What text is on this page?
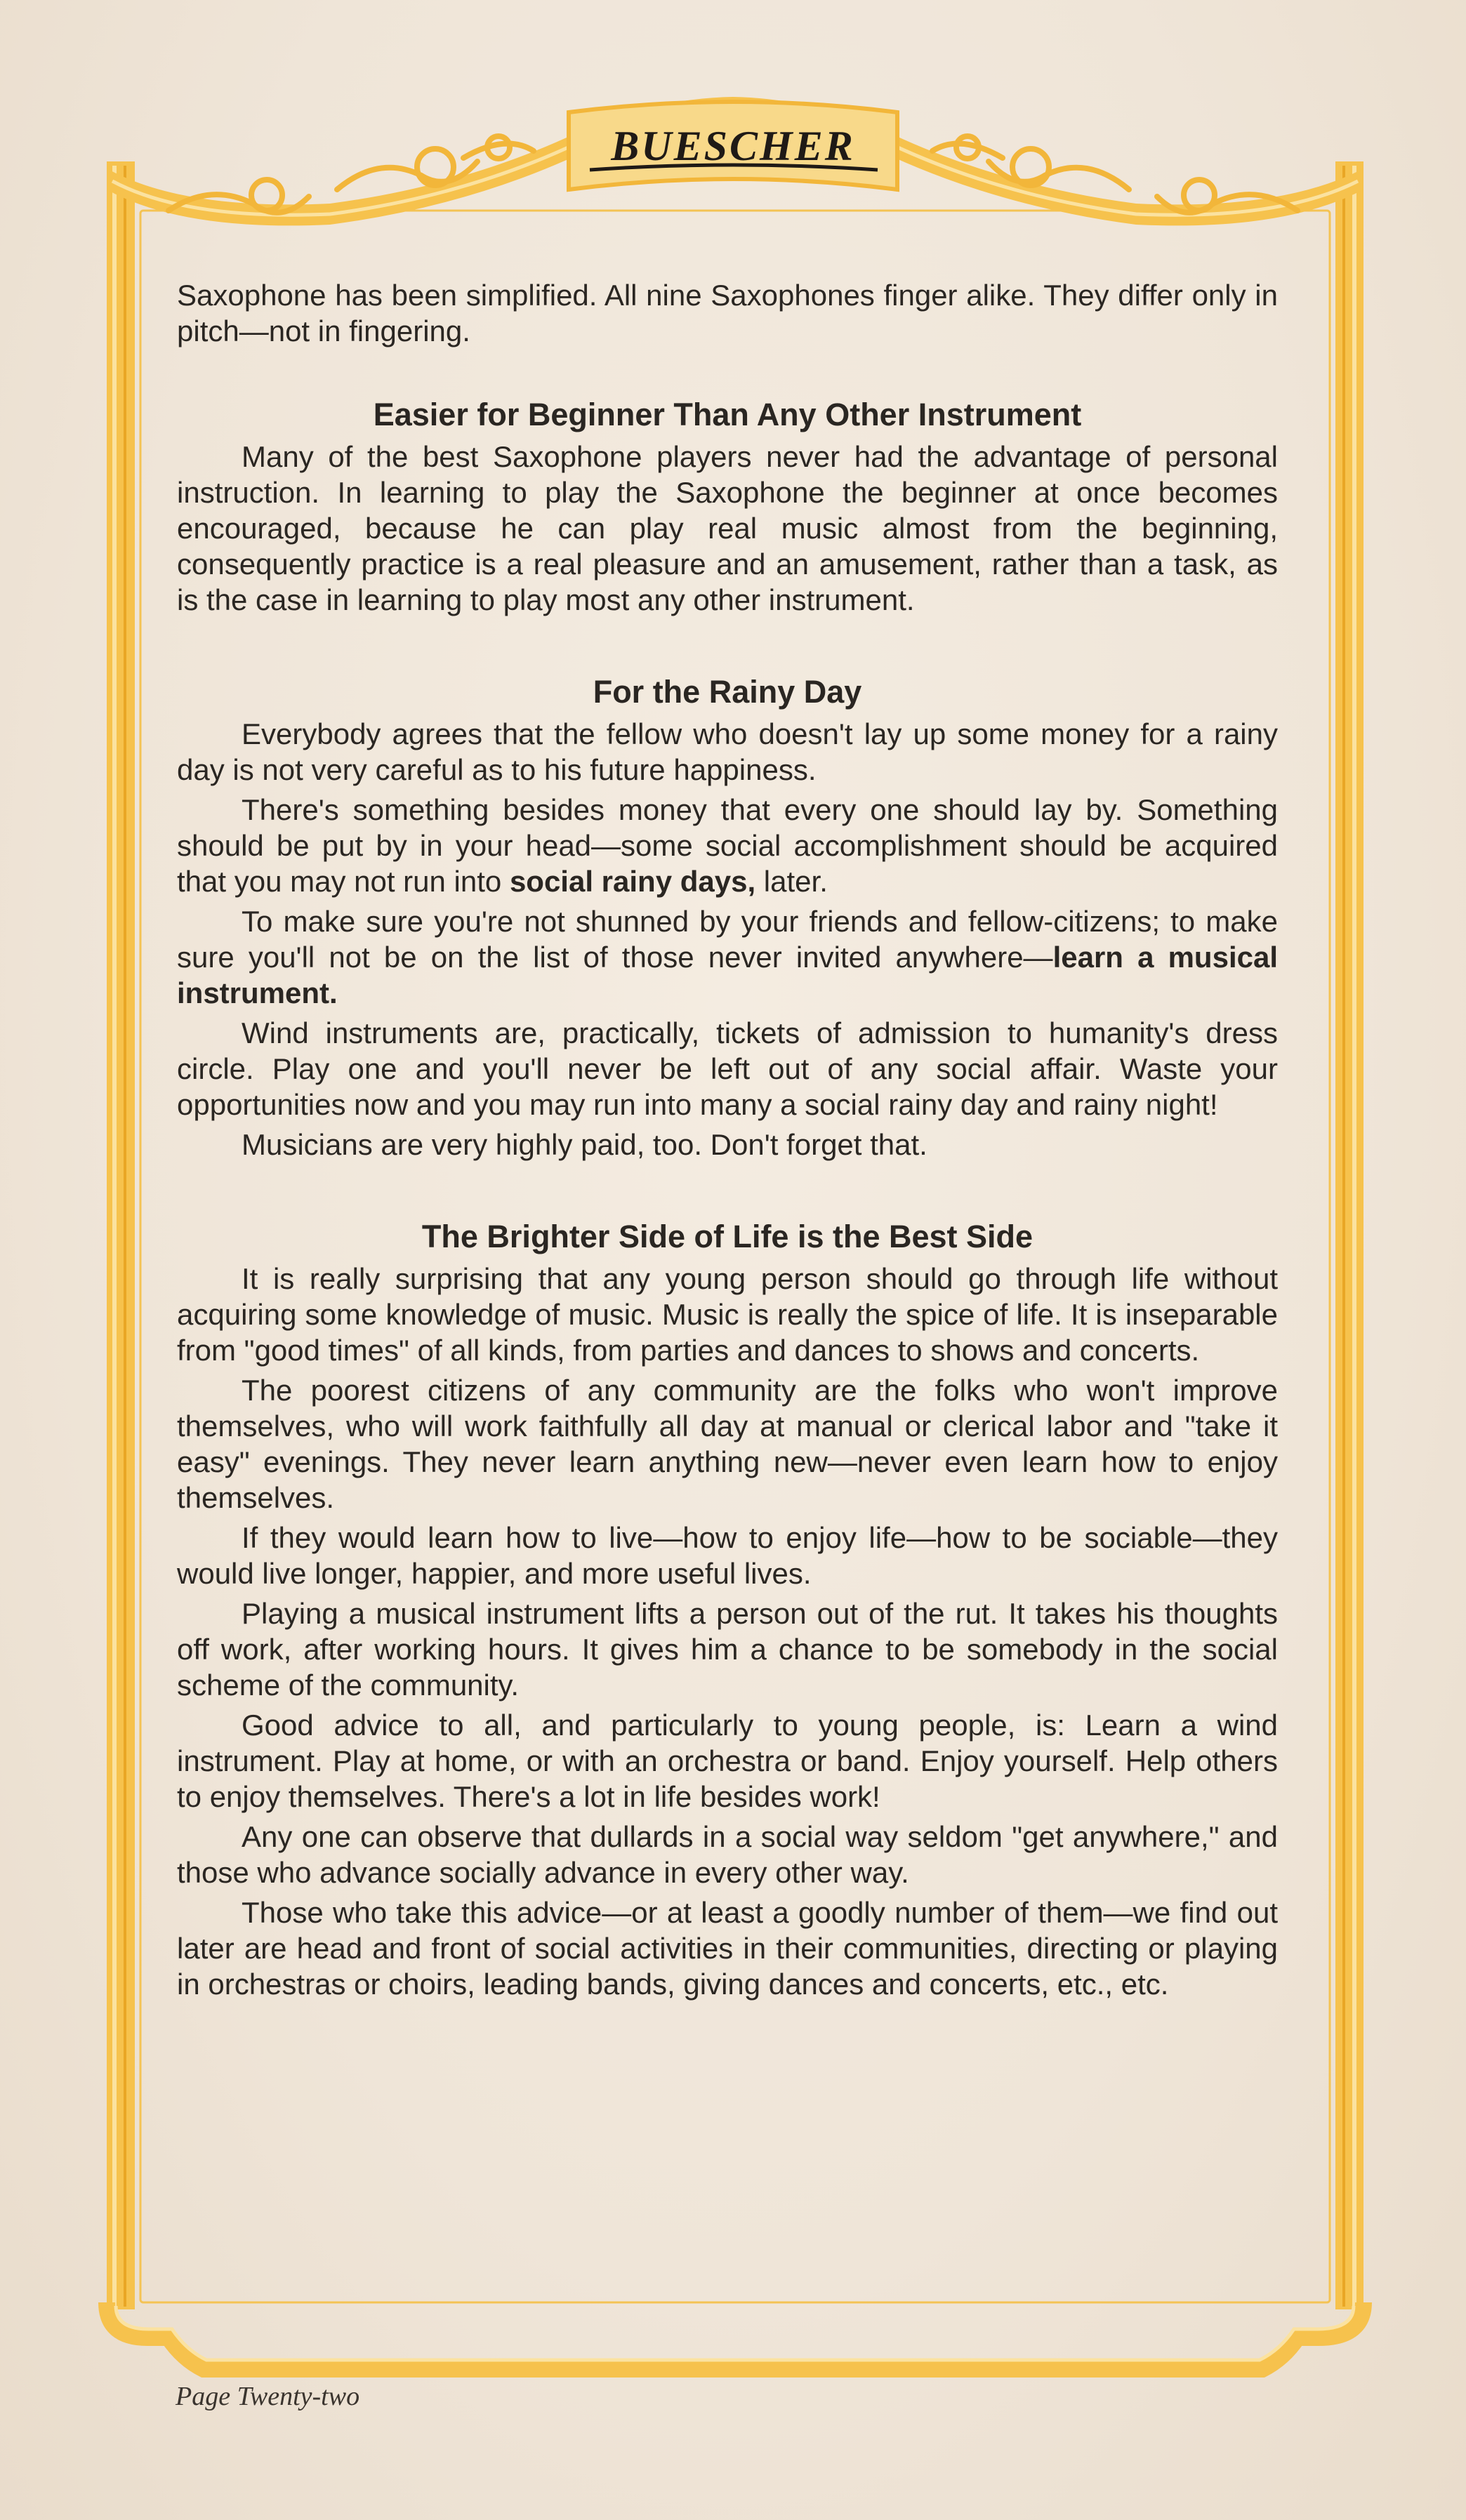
BUESCHER

Saxophone has been simplified. All nine Saxophones finger alike. They differ only in pitch—not in fingering.

Easier for Beginner Than Any Other Instrument

Many of the best Saxophone players never had the advantage of personal instruction. In learning to play the Saxophone the beginner at once becomes encouraged, because he can play real music almost from the beginning, consequently practice is a real pleasure and an amusement, rather than a task, as is the case in learning to play most any other instrument.

For the Rainy Day

Everybody agrees that the fellow who doesn't lay up some money for a rainy day is not very careful as to his future happiness.

There's something besides money that every one should lay by. Something should be put by in your head—some social accomplishment should be acquired that you may not run into social rainy days, later.

To make sure you're not shunned by your friends and fellow-citizens; to make sure you'll not be on the list of those never invited anywhere—learn a musical instrument.

Wind instruments are, practically, tickets of admission to humanity's dress circle. Play one and you'll never be left out of any social affair. Waste your opportunities now and you may run into many a social rainy day and rainy night!

Musicians are very highly paid, too. Don't forget that.

The Brighter Side of Life is the Best Side

It is really surprising that any young person should go through life without acquiring some knowledge of music. Music is really the spice of life. It is inseparable from "good times" of all kinds, from parties and dances to shows and concerts.

The poorest citizens of any community are the folks who won't improve themselves, who will work faithfully all day at manual or clerical labor and "take it easy" evenings. They never learn anything new—never even learn how to enjoy themselves.

If they would learn how to live—how to enjoy life—how to be sociable—they would live longer, happier, and more useful lives.

Playing a musical instrument lifts a person out of the rut. It takes his thoughts off work, after working hours. It gives him a chance to be somebody in the social scheme of the community.

Good advice to all, and particularly to young people, is: Learn a wind instrument. Play at home, or with an orchestra or band. Enjoy yourself. Help others to enjoy themselves. There's a lot in life besides work!

Any one can observe that dullards in a social way seldom "get anywhere," and those who advance socially advance in every other way.

Those who take this advice—or at least a goodly number of them—we find out later are head and front of social activities in their communities, directing or playing in orchestras or choirs, leading bands, giving dances and concerts, etc., etc.

Page Twenty-two
